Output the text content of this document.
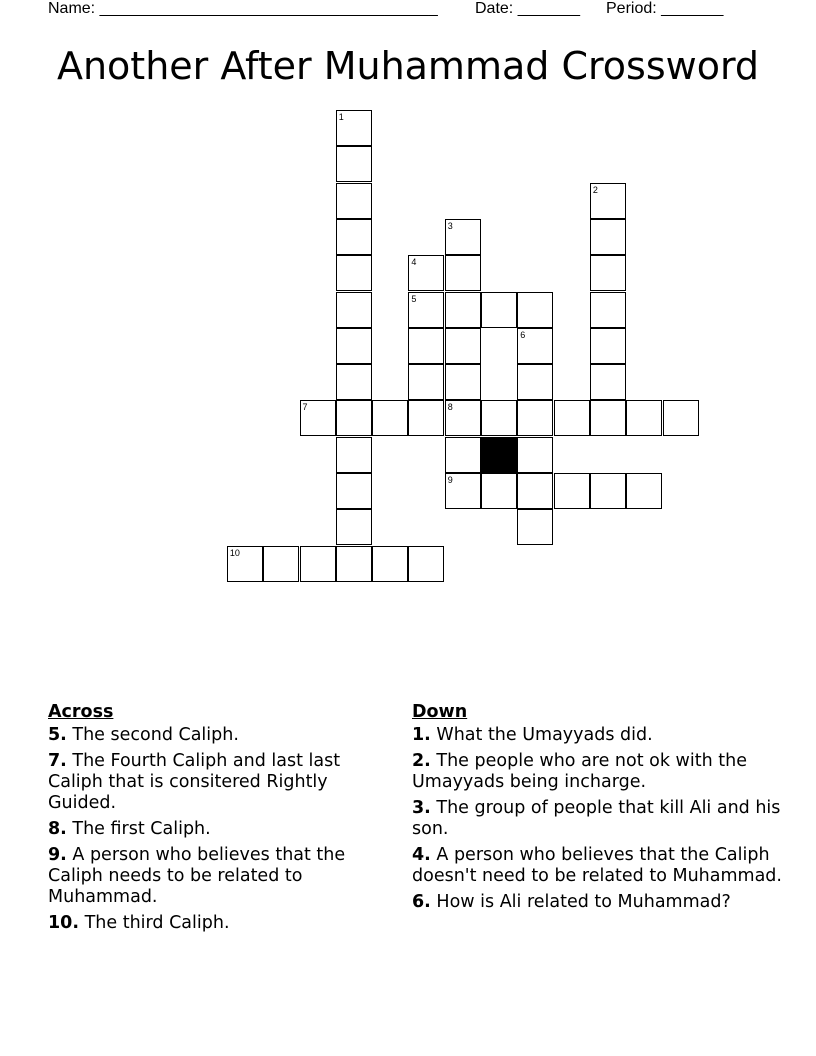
Name: ______________________________________ Date: _______ Period: _______
Another After Muhammad Crossword
1
2
3
4
5
6
7	8
9
10
Across
5. The second Caliph.
7. The Fourth Caliph and last last Caliph that is consitered Rightly Guided.
8. The first Caliph.
9. A person who believes that the Caliph needs to be related to Muhammad.
10. The third Caliph.
Down
1. What the Umayyads did.
2. The people who are not ok with the Umayyads being incharge.
3. The group of people that kill Ali and his son.
4. A person who believes that the Caliph doesn't need to be related to Muhammad.
6. How is Ali related to Muhammad?
